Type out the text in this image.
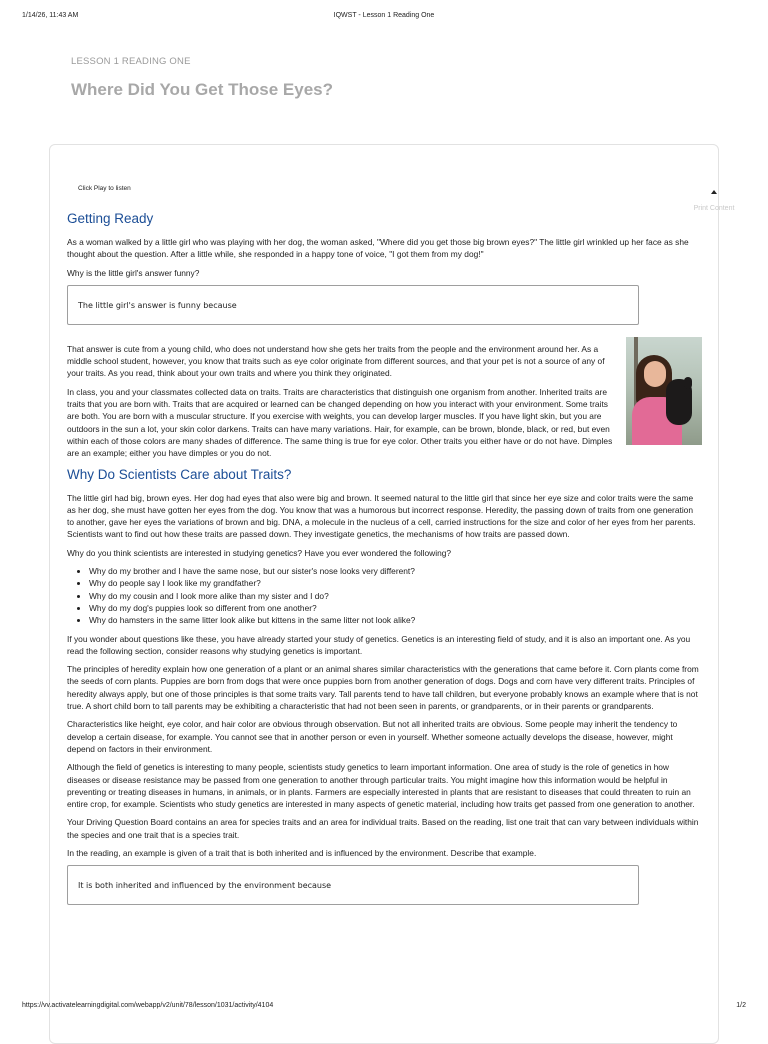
1/14/26, 11:43 AM	IQWST - Lesson 1 Reading One
LESSON 1 READING ONE
Where Did You Get Those Eyes?
Click Play to listen
Print Content
Getting Ready

As a woman walked by a little girl who was playing with her dog, the woman asked, "Where did you get those big brown eyes?" The little girl wrinkled up her face as she thought about the question. After a little while, she responded in a happy tone of voice, "I got them from my dog!"

Why is the little girl's answer funny?

The little girl's answer is funny because

That answer is cute from a young child, who does not understand how she gets her traits from the people and the environment around her. As a middle school student, however, you know that traits such as eye color originate from different sources, and that your pet is not a source of any of your traits. As you read, think about your own traits and where you think they originated.

In class, you and your classmates collected data on traits. Traits are characteristics that distinguish one organism from another. Inherited traits are traits that you are born with. Traits that are acquired or learned can be changed depending on how you interact with your environment. Some traits are both. You are born with a muscular structure. If you exercise with weights, you can develop larger muscles. If you have light skin, but you are outdoors in the sun a lot, your skin color darkens. Traits can have many variations. Hair, for example, can be brown, blonde, black, or red, but even within each of those colors are many shades of difference. The same thing is true for eye color. Other traits you either have or do not have. Dimples are an example; either you have dimples or you do not.

Why Do Scientists Care about Traits?

The little girl had big, brown eyes. Her dog had eyes that also were big and brown. It seemed natural to the little girl that since her eye size and color traits were the same as her dog, she must have gotten her eyes from the dog. You know that was a humorous but incorrect response. Heredity, the passing down of traits from one generation to another, gave her eyes the variations of brown and big. DNA, a molecule in the nucleus of a cell, carried instructions for the size and color of her eyes from her parents. Scientists want to find out how these traits are passed down. They investigate genetics, the mechanisms of how traits are passed down.

Why do you think scientists are interested in studying genetics? Have you ever wondered the following?

• Why do my brother and I have the same nose, but our sister's nose looks very different?
• Why do people say I look like my grandfather?
• Why do my cousin and I look more alike than my sister and I do?
• Why do my dog's puppies look so different from one another?
• Why do hamsters in the same litter look alike but kittens in the same litter not look alike?

If you wonder about questions like these, you have already started your study of genetics. Genetics is an interesting field of study, and it is also an important one. As you read the following section, consider reasons why studying genetics is important.

The principles of heredity explain how one generation of a plant or an animal shares similar characteristics with the generations that came before it. Corn plants come from the seeds of corn plants. Puppies are born from dogs that were once puppies born from another generation of dogs. Dogs and corn have very different traits. Principles of heredity always apply, but one of those principles is that some traits vary. Tall parents tend to have tall children, but everyone probably knows an example where that is not true. A short child born to tall parents may be exhibiting a characteristic that had not been seen in parents, or grandparents, or in their parents or grandparents.

Characteristics like height, eye color, and hair color are obvious through observation. But not all inherited traits are obvious. Some people may inherit the tendency to develop a certain disease, for example. You cannot see that in another person or even in yourself. Whether someone actually develops the disease, however, might depend on factors in their environment.

Although the field of genetics is interesting to many people, scientists study genetics to learn important information. One area of study is the role of genetics in how diseases or disease resistance may be passed from one generation to another through particular traits. You might imagine how this information would be helpful in preventing or treating diseases in humans, in animals, or in plants. Farmers are especially interested in plants that are resistant to diseases that could threaten to ruin an entire crop, for example. Scientists who study genetics are interested in many aspects of genetic material, including how traits get passed from one generation to another.

Your Driving Question Board contains an area for species traits and an area for individual traits. Based on the reading, list one trait that can vary between individuals within the species and one trait that is a species trait.

In the reading, an example is given of a trait that is both inherited and is influenced by the environment. Describe that example.

It is both inherited and influenced by the environment because
https://vv.activatelearningdigital.com/webapp/v2/unit/78/lesson/1031/activity/4104	1/2
